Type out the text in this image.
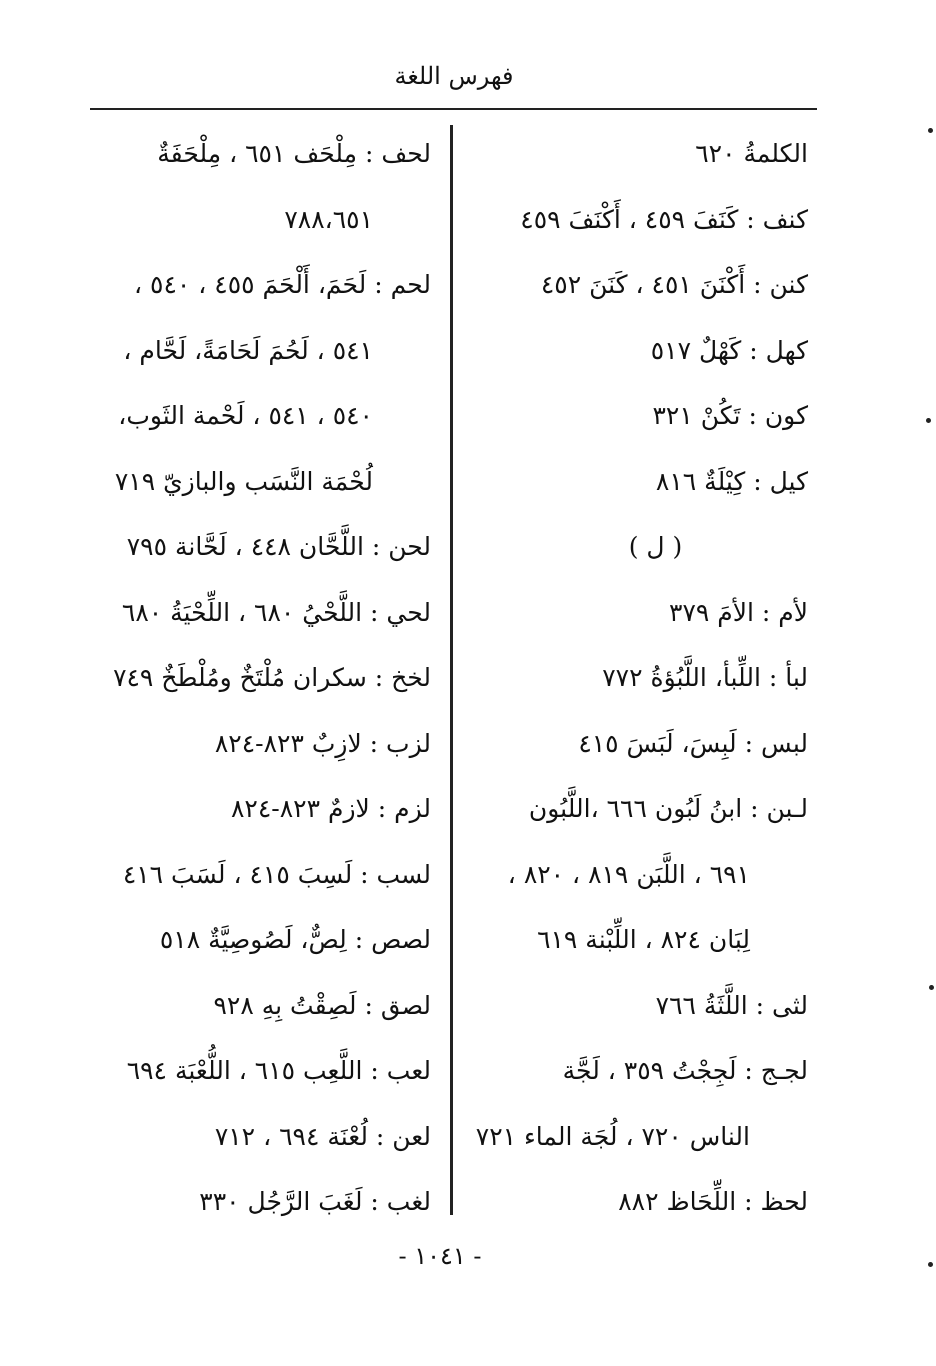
فهرس اللغة
الكلمةُ ٦٢٠
كنف : كَنَفَ ٤٥٩ ، أَكْنَفَ ٤٥٩
كنن : أَكْنَنَ ٤٥١ ، كَنَنَ ٤٥٢
كهل : كَهْلٌ ٥١٧
كون : تَكُنْ ٣٢١
كيل : كِيْلَةٌ ٨١٦
( ل )
لأم : الأمَ ٣٧٩
لبأ : اللِّبأ، اللَّبُؤةُ ٧٧٢
لبس : لَبِسَ، لَبَسَ ٤١٥
لـبن : ابنُ لَبُون ٦٦٦ ،اللَّبُون
٦٩١ ، اللَّبَن ٨١٩ ، ٨٢٠ ،
لِبَان ٨٢٤ ، اللِّبْنة ٦١٩
لثى : اللَّثَةُ ٧٦٦
لجـج : لَجِجْتُ ٣٥٩ ، لَجَّة
الناس ٧٢٠ ، لُجَة الماء ٧٢١
لحظ : اللِّحَاظ ٨٨٢
لحف : مِلْحَف ٦٥١ ، مِلْحَفَةٌ
٧٨٨،٦٥١
لحم : لَحَمَ، أَلْحَمَ ٤٥٥ ، ٥٤٠ ،
٥٤١ ، لَحُمَ لَحَامَةً، لَحَّام ،
٥٤٠ ، ٥٤١ ، لَحْمة الثَوب،
لُحْمَة النَّسَب والبازيّ ٧١٩
لحن : اللَّحَّان ٤٤٨ ، لَحَّانة ٧٩٥
لحي : اللَّحْيُ ٦٨٠ ، اللِّحْيَةُ ٦٨٠
لخخ : سكران مُلْتَخٌ ومُلْطَخٌ ٧٤٩
لزب : لازِبٌ ٨٢٣-٨٢٤
لزم : لازمٌ ٨٢٣-٨٢٤
لسب : لَسِبَ ٤١٥ ، لَسَبَ ٤١٦
لصص : لِصٌّ، لَصُوصِيَّةٌ ٥١٨
لصق : لَصِقْتُ بِهِ ٩٢٨
لعب : اللَّعِب ٦١٥ ، اللُّعْبَة ٦٩٤
لعن : لُعْنَة ٦٩٤ ، ٧١٢
لغب : لَغَبَ الرَّجُل ٣٣٠
- ١٠٤١ -
